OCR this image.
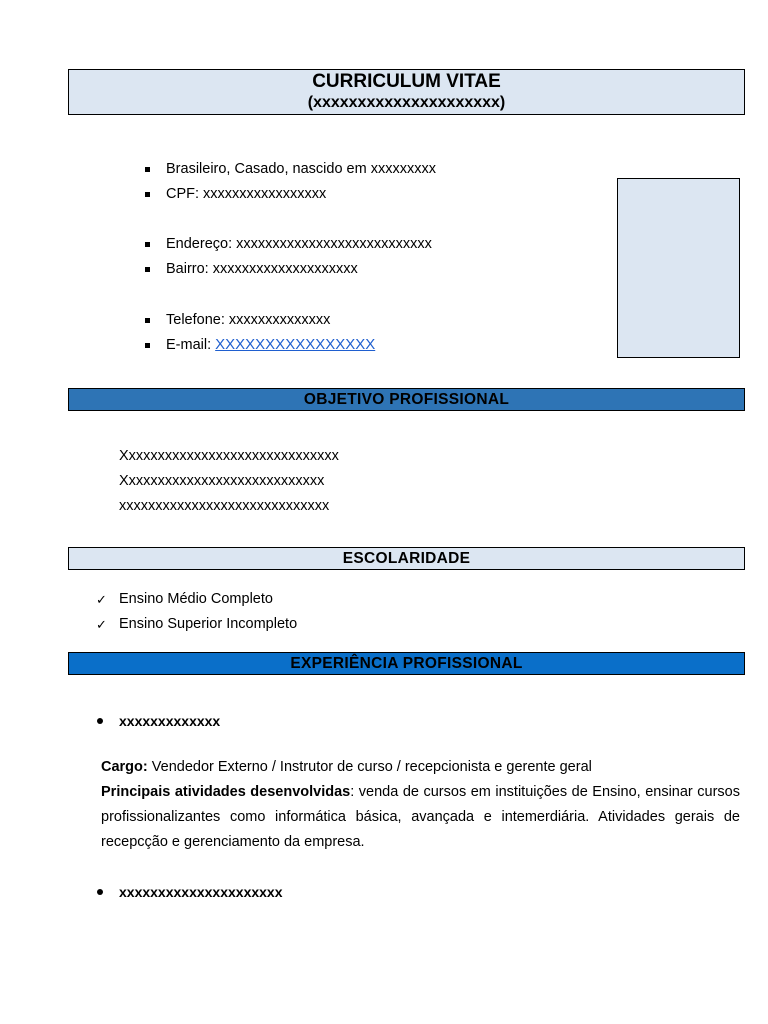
CURRICULUM VITAE
(xxxxxxxxxxxxxxxxxxxxx)
Brasileiro, Casado, nascido em xxxxxxxxx
CPF: xxxxxxxxxxxxxxxxx
Endereço: xxxxxxxxxxxxxxxxxxxxxxxxxxx
Bairro: xxxxxxxxxxxxxxxxxxxx
Telefone: xxxxxxxxxxxxxx
E-mail: XXXXXXXXXXXXXXXX
OBJETIVO PROFISSIONAL
Xxxxxxxxxxxxxxxxxxxxxxxxxxxxxx
Xxxxxxxxxxxxxxxxxxxxxxxxxxxx
xxxxxxxxxxxxxxxxxxxxxxxxxxxxx
ESCOLARIDADE
✓ Ensino Médio Completo
✓ Ensino Superior Incompleto
EXPERIÊNCIA PROFISSIONAL
xxxxxxxxxxxxx

Cargo: Vendedor Externo / Instrutor de curso / recepcionista e gerente geral

Principais atividades desenvolvidas: venda de cursos em instituições de Ensino, ensinar cursos profissionalizantes como informática básica, avançada e intemerdiária. Atividades gerais de recepcção e gerenciamento da empresa.

xxxxxxxxxxxxxxxxxxxxx
